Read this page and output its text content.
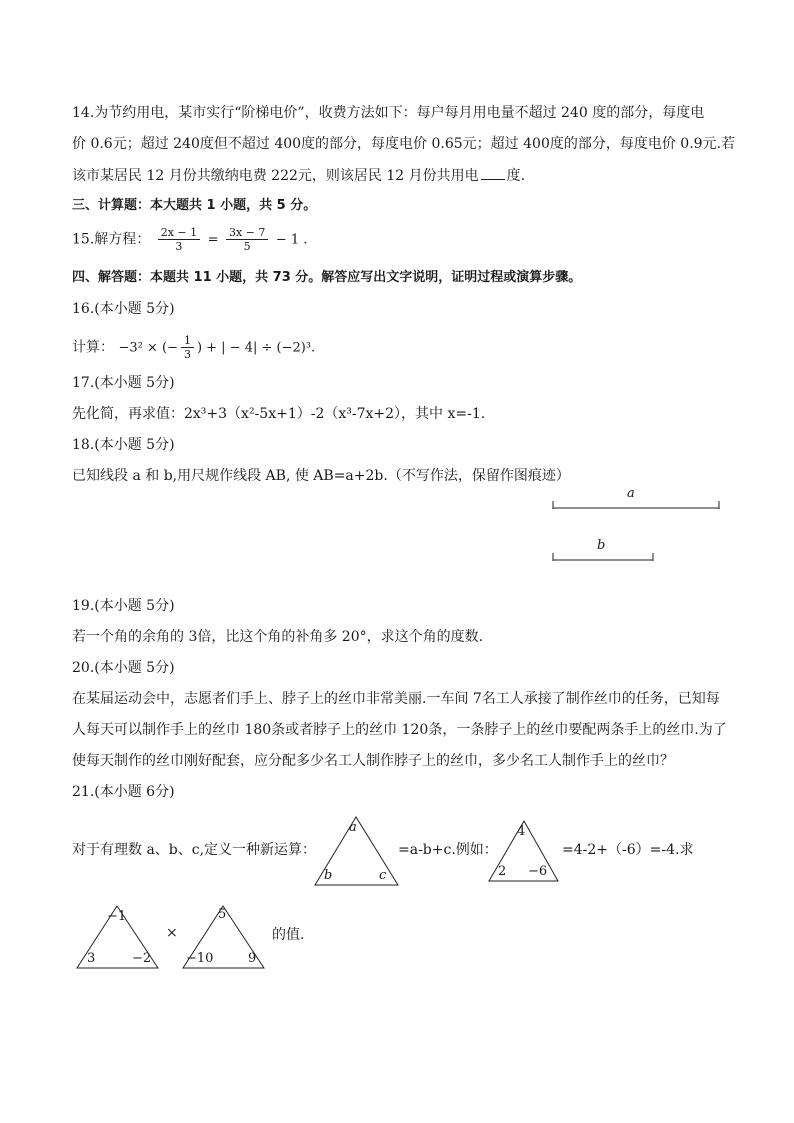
14.为节约用电，某市实行“阶梯电价”，收费方法如下：每户每月用电量不超过 240 度的部分，每度电
价 0.6元；超过 240度但不超过 400度的部分，每度电价 0.65元；超过 400度的部分，每度电价 0.9元.若
该市某居民 12 月份共缴纳电费 222元，则该居民 12 月份共用电 度.
三、计算题：本大题共 1 小题，共 5 分。
15.解方程： $\frac{2x - 1}{3} = \frac{3x - 7}{5} - 1$ .
四、解答题：本题共 11 小题，共 73 分。解答应写出文字说明，证明过程或演算步骤。
16.(本小题 5分)
计算： −3² × (− $\frac{1}{3}$ ) + | − 4| ÷ (−2)³.
17.(本小题 5分)
先化简，再求值：2x³+3（x²-5x+1）-2（x³-7x+2），其中 x=-1.
18.(本小题 5分)
已知线段 a 和 b,用尺规作线段 AB, 使 AB=a+2b.（不写作法，保留作图痕迹）
a
b
19.(本小题 5分)
若一个角的余角的 3倍，比这个角的补角多 20°，求这个角的度数.
20.(本小题 5分)
在某届运动会中，志愿者们手上、脖子上的丝巾非常美丽.一车间 7名工人承接了制作丝巾的任务，已知每
人每天可以制作手上的丝巾 180条或者脖子上的丝巾 120条，一条脖子上的丝巾要配两条手上的丝巾.为了
使每天制作的丝巾刚好配套，应分配多少名工人制作脖子上的丝巾，多少名工人制作手上的丝巾？
21.(本小题 6分)
对于有理数 a、b、c,定义一种新运算：
a
b	c
=a-b+c.例如：
4
2 −6
=4-2+（-6）=-4.求
−1
3	−2
×
5
−10	9
的值.
